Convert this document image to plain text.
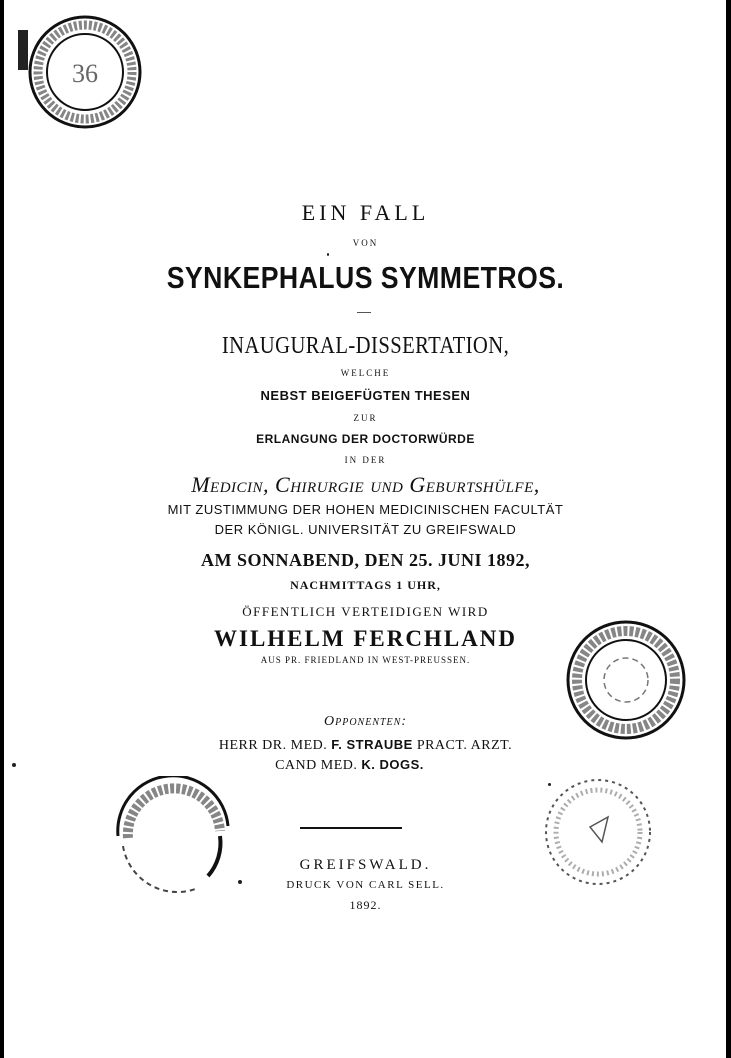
36
EIN FALL
VON
SYNKEPHALUS SYMMETROS.
INAUGURAL-DISSERTATION,
WELCHE
NEBST BEIGEFÜGTEN THESEN
ZUR
ERLANGUNG DER DOCTORWÜRDE
IN DER
Medicin, Chirurgie und Geburtshülfe,
MIT ZUSTIMMUNG DER HOHEN MEDICINISCHEN FACULTÄT
DER KÖNIGL. UNIVERSITÄT ZU GREIFSWALD
AM SONNABEND, DEN 25. JUNI 1892,
NACHMITTAGS 1 UHR,
ÖFFENTLICH VERTEIDIGEN WIRD
WILHELM FERCHLAND
AUS PR. FRIEDLAND IN WEST-PREUSSEN.
Opponenten:
HERR DR. MED. F. STRAUBE PRACT. ARZT.
CAND MED. K. DOGS.
GREIFSWALD.
DRUCK VON CARL SELL.
1892.
